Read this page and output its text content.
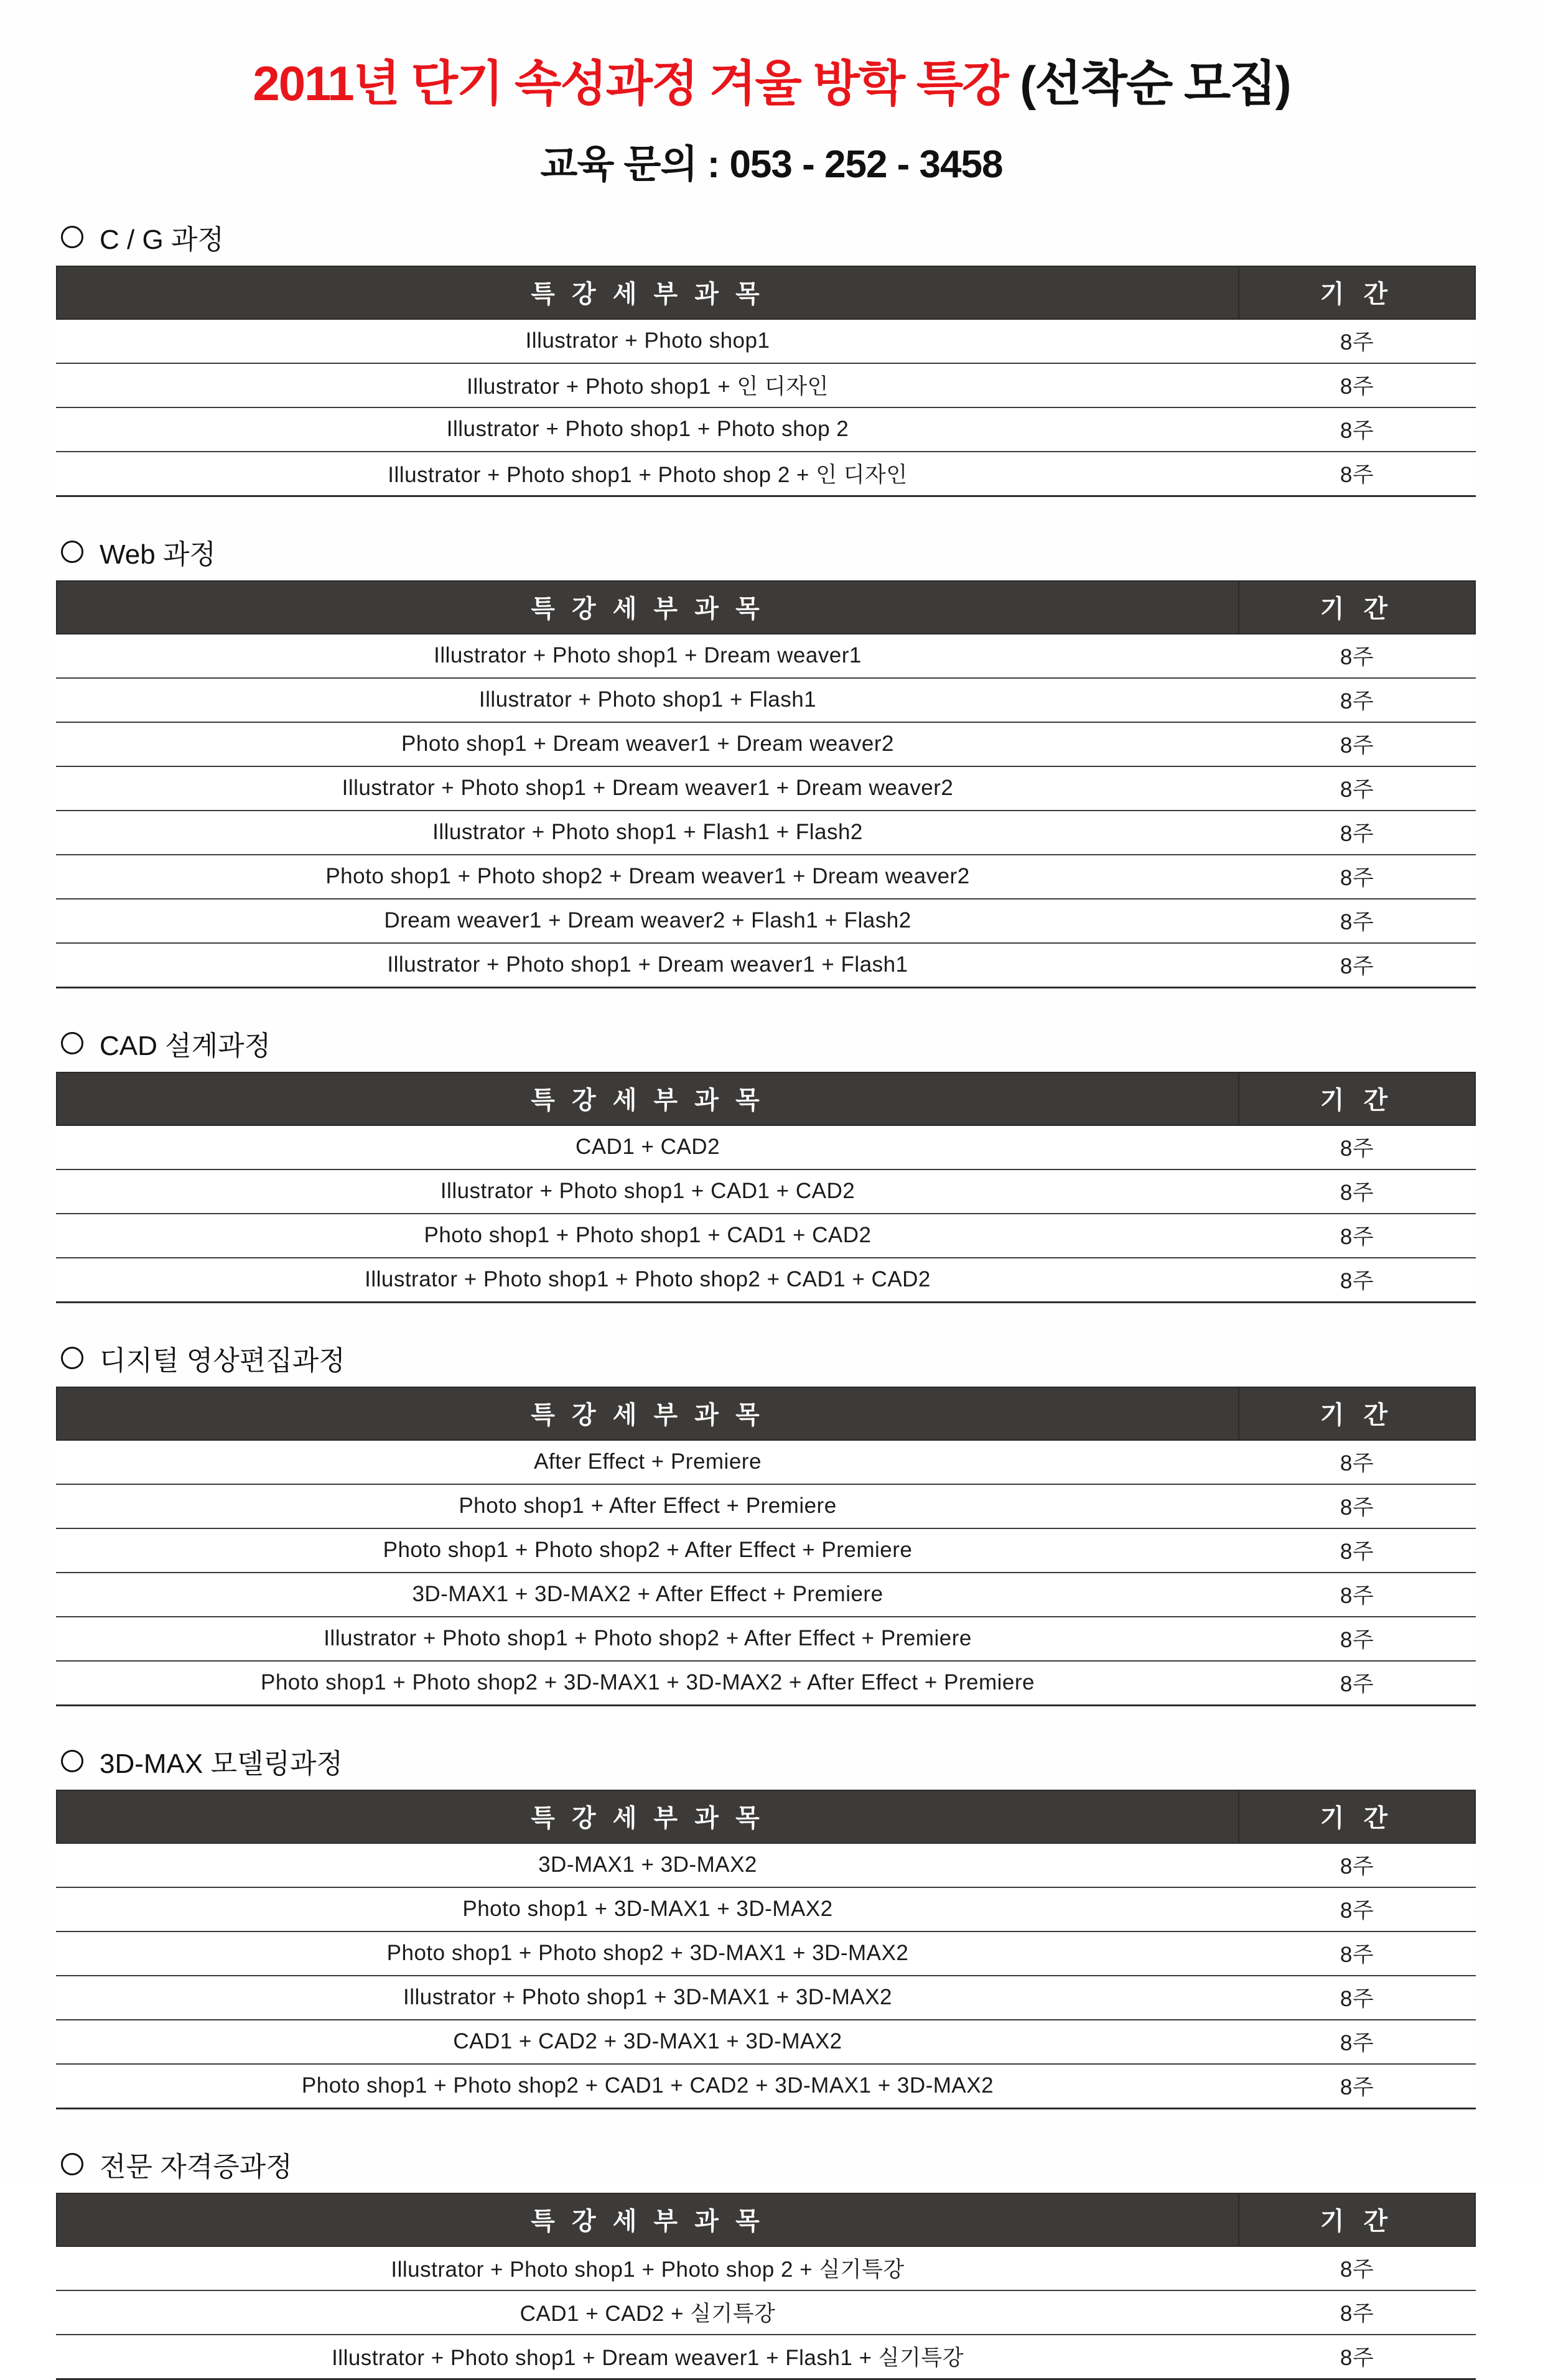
2011년 단기 속성과정 겨울 방학 특강 (선착순 모집)
교육 문의 : 053 - 252 - 3458
C / G 과정
특 강 세 부 과 목	기 간
Illustrator + Photo shop1	8주
Illustrator + Photo shop1 + 인 디자인	8주
Illustrator + Photo shop1 + Photo shop 2	8주
Illustrator + Photo shop1 + Photo shop 2 + 인 디자인	8주
Web 과정
특 강 세 부 과 목	기 간
Illustrator + Photo shop1 + Dream weaver1	8주
Illustrator + Photo shop1 + Flash1	8주
Photo shop1 + Dream weaver1 + Dream weaver2	8주
Illustrator + Photo shop1 + Dream weaver1 + Dream weaver2	8주
Illustrator + Photo shop1 + Flash1 + Flash2	8주
Photo shop1 + Photo shop2 + Dream weaver1 + Dream weaver2	8주
Dream weaver1 + Dream weaver2 + Flash1 + Flash2	8주
Illustrator + Photo shop1 + Dream weaver1 + Flash1	8주
CAD 설계과정
특 강 세 부 과 목	기 간
CAD1 + CAD2	8주
Illustrator + Photo shop1 + CAD1 + CAD2	8주
Photo shop1 + Photo shop1 + CAD1 + CAD2	8주
Illustrator + Photo shop1 + Photo shop2 + CAD1 + CAD2	8주
디지털 영상편집과정
특 강 세 부 과 목	기 간
After Effect + Premiere	8주
Photo shop1 + After Effect + Premiere	8주
Photo shop1 + Photo shop2 + After Effect + Premiere	8주
3D-MAX1 + 3D-MAX2 + After Effect + Premiere	8주
Illustrator + Photo shop1 + Photo shop2 + After Effect + Premiere	8주
Photo shop1 + Photo shop2 + 3D-MAX1 + 3D-MAX2 + After Effect + Premiere	8주
3D-MAX 모델링과정
특 강 세 부 과 목	기 간
3D-MAX1 + 3D-MAX2	8주
Photo shop1 + 3D-MAX1 + 3D-MAX2	8주
Photo shop1 + Photo shop2 + 3D-MAX1 + 3D-MAX2	8주
Illustrator + Photo shop1 + 3D-MAX1 + 3D-MAX2	8주
CAD1 + CAD2 + 3D-MAX1 + 3D-MAX2	8주
Photo shop1 + Photo shop2 + CAD1 + CAD2 + 3D-MAX1 + 3D-MAX2	8주
전문 자격증과정
특 강 세 부 과 목	기 간
Illustrator + Photo shop1 + Photo shop 2 + 실기특강	8주
CAD1 + CAD2 + 실기특강	8주
Illustrator + Photo shop1 + Dream weaver1 + Flash1 + 실기특강	8주
